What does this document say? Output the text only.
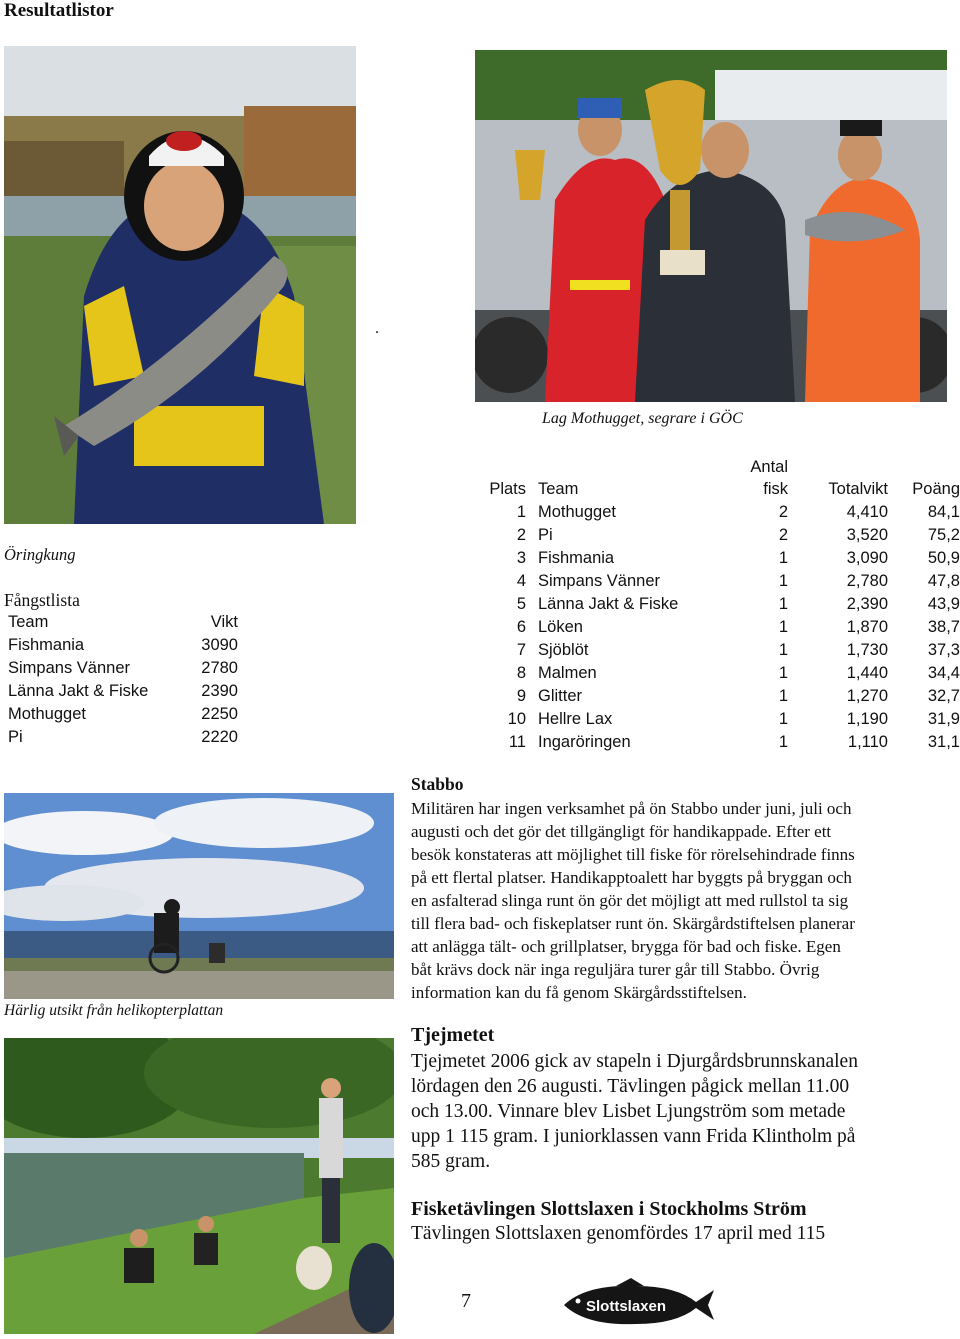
Resultatlistor
.
Lag Mothugget, segrare i GÖC
Antal
Plats Team	fisk Totalvikt Poäng
1 Mothugget	2	4,410 84,1
2 Pi	2	3,520 75,2
3 Fishmania	1	3,090 50,9
4 Simpans Vänner	1	2,780 47,8
5 Länna Jakt & Fiske	1	2,390 43,9
6 Löken	1	1,870 38,7
7 Sjöblöt	1	1,730 37,3
8 Malmen	1	1,440 34,4
9 Glitter	1	1,270 32,7
10 Hellre Lax	1	1,190 31,9
11 Ingaröringen	1	1,110 31,1
Öringkung
Fångstlista
Team	Vikt
Fishmania	3090
Simpans Vänner	2780
Länna Jakt & Fiske	2390
Mothugget	2250
Pi	2220
Härlig utsikt från helikopterplattan
Stabbo
Militären har ingen verksamhet på ön Stabbo under juni, juli och
augusti och det gör det tillgängligt för handikappade. Efter ett
besök konstateras att möjlighet till fiske för rörelsehindrade finns
på ett flertal platser. Handikapptoalett har byggts på bryggan och
en asfalterad slinga runt ön gör det möjligt att med rullstol ta sig
till flera bad- och fiskeplatser runt ön. Skärgårdstiftelsen planerar
att anlägga tält- och grillplatser, brygga för bad och fiske. Egen
båt krävs dock när inga reguljära turer går till Stabbo. Övrig
information kan du få genom Skärgårdsstiftelsen.
Tjejmetet
Tjejmetet 2006 gick av stapeln i Djurgårdsbrunnskanalen
lördagen den 26 augusti. Tävlingen pågick mellan 11.00
och 13.00. Vinnare blev Lisbet Ljungström som metade
upp 1 115 gram. I juniorklassen vann Frida Klintholm på
585 gram.
Fisketävlingen Slottslaxen i Stockholms Ström
Tävlingen Slottslaxen genomfördes 17 april med 115
7	Slottslaxen
